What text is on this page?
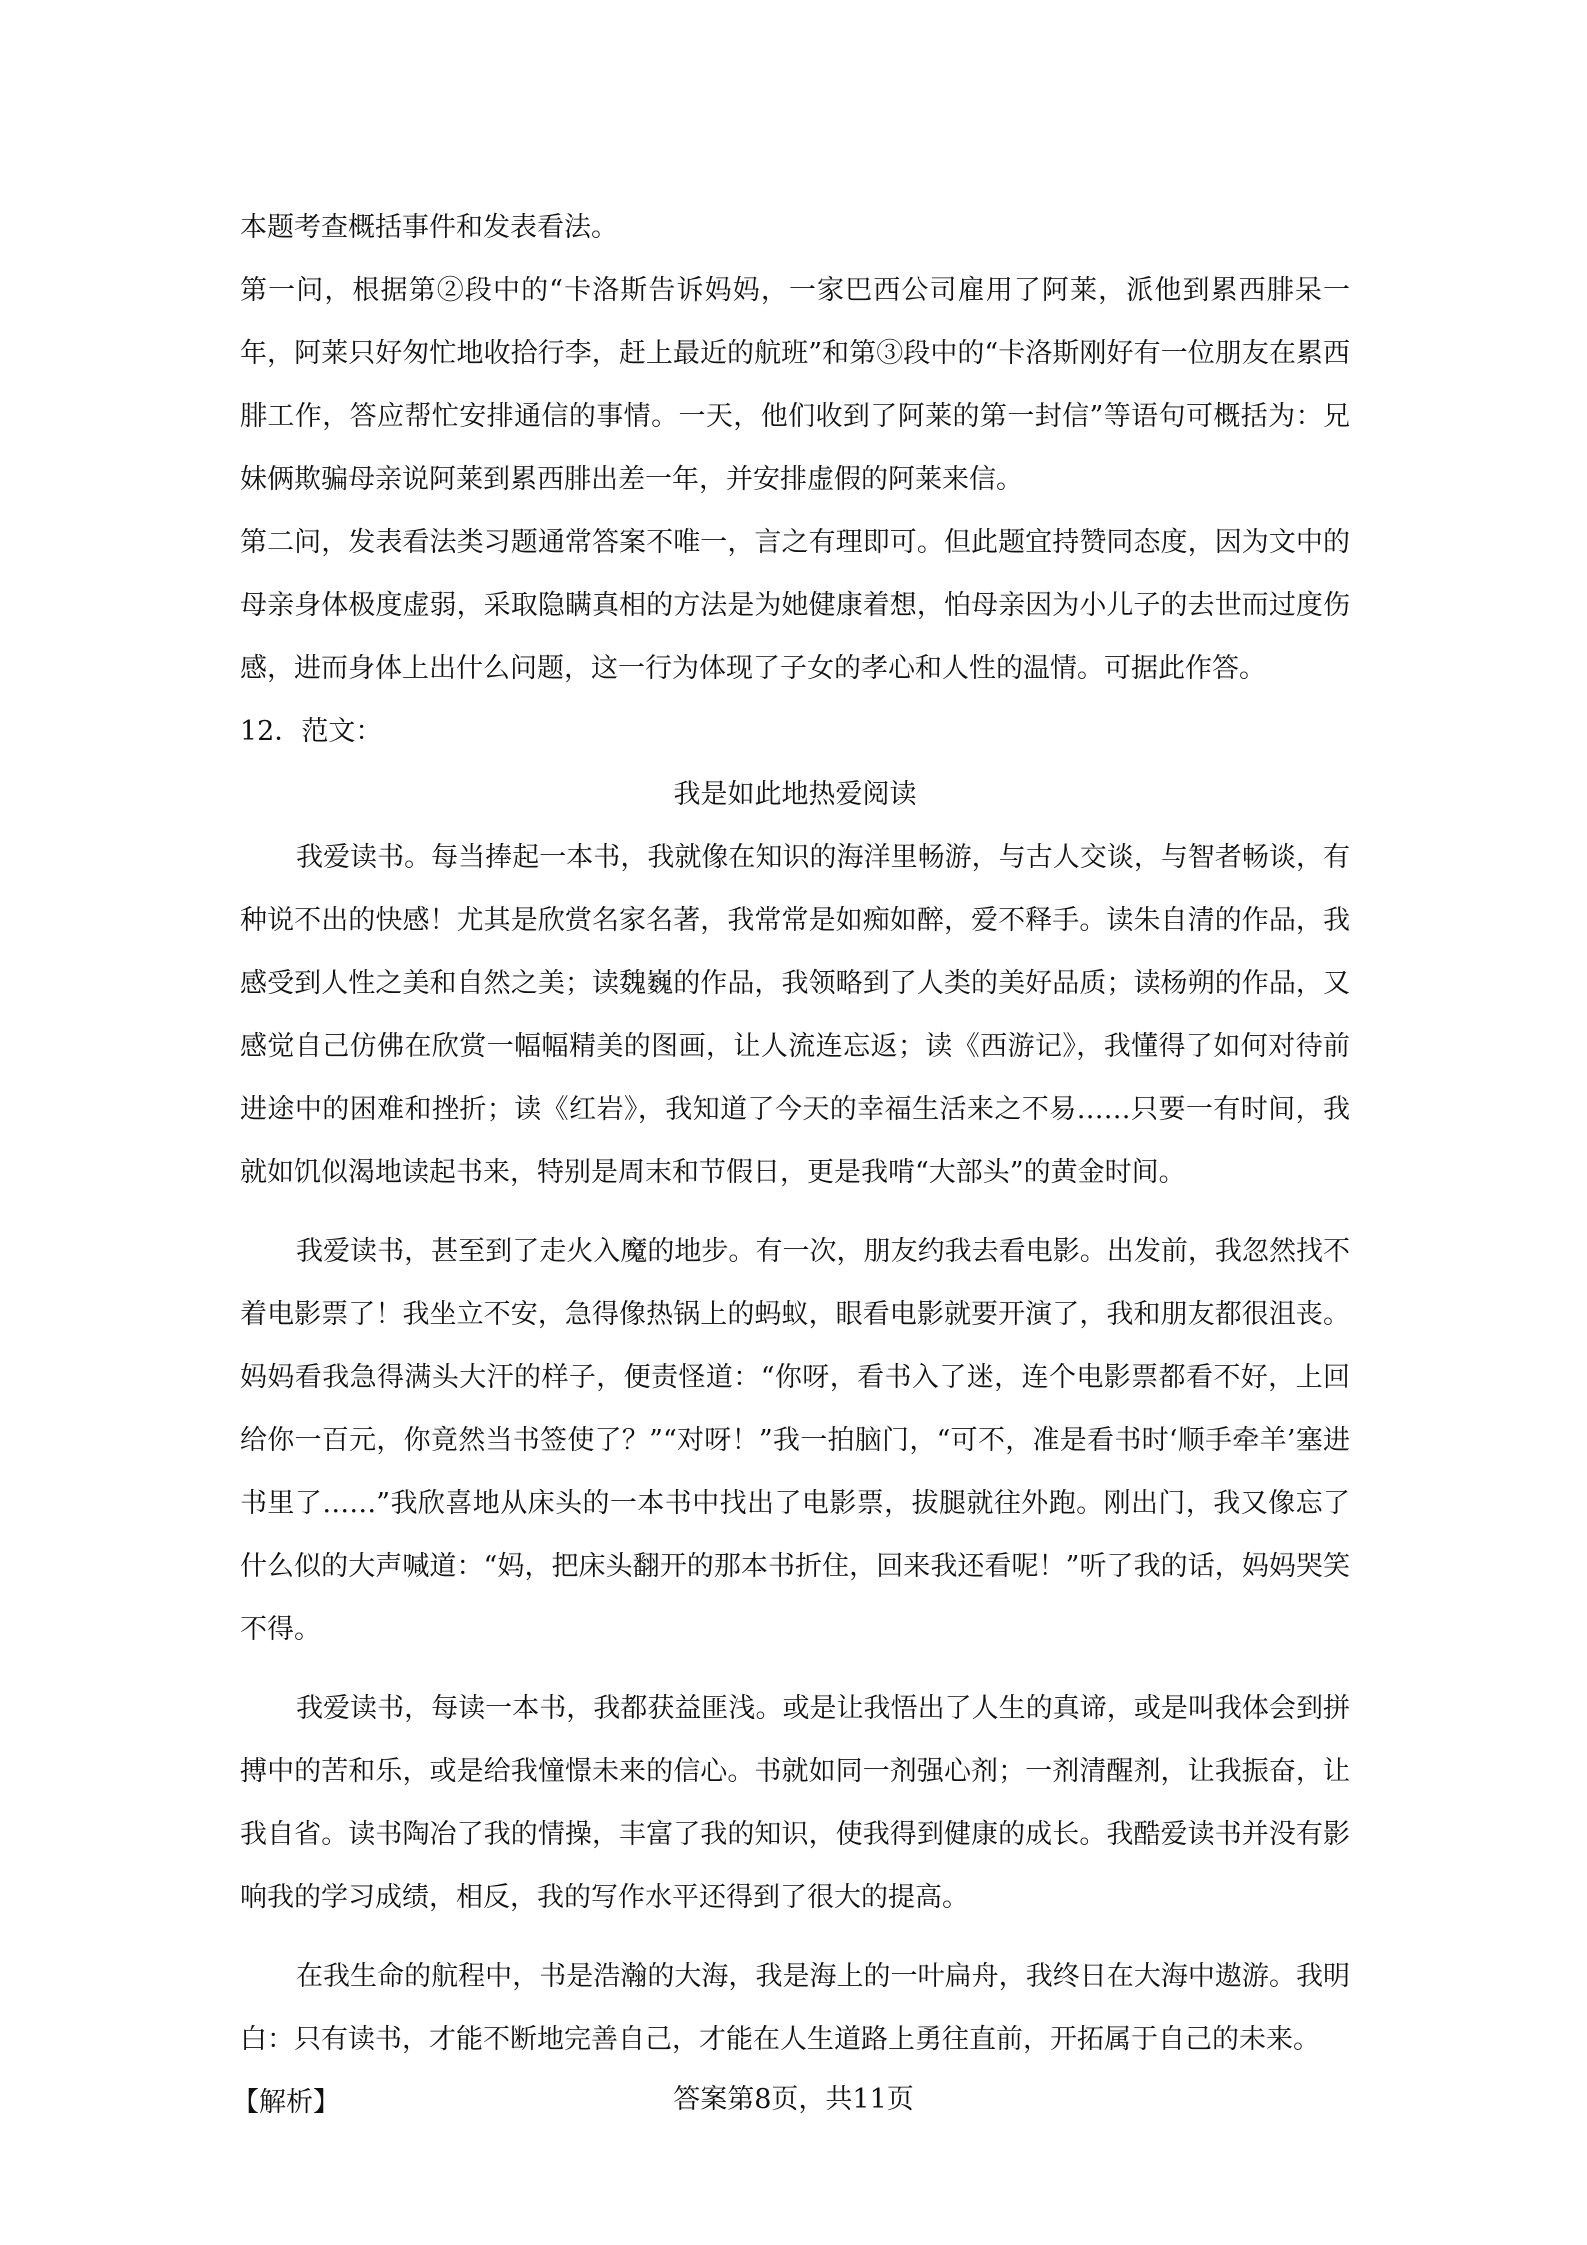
本题考查概括事件和发表看法。

第一问，根据第②段中的“卡洛斯告诉妈妈，一家巴西公司雇用了阿莱，派他到累西腓呆一年，阿莱只好匆忙地收拾行李，赶上最近的航班”和第③段中的“卡洛斯刚好有一位朋友在累西腓工作，答应帮忙安排通信的事情。一天，他们收到了阿莱的第一封信”等语句可概括为：兄妹俩欺骗母亲说阿莱到累西腓出差一年，并安排虚假的阿莱来信。

第二问，发表看法类习题通常答案不唯一，言之有理即可。但此题宜持赞同态度，因为文中的母亲身体极度虚弱，采取隐瞒真相的方法是为她健康着想，怕母亲因为小儿子的去世而过度伤感，进而身体上出什么问题，这一行为体现了子女的孝心和人性的温情。可据此作答。

12．范文：

我是如此地热爱阅读

我爱读书。每当捧起一本书，我就像在知识的海洋里畅游，与古人交谈，与智者畅谈，有种说不出的快感！尤其是欣赏名家名著，我常常是如痴如醉，爱不释手。读朱自清的作品，我感受到人性之美和自然之美；读魏巍的作品，我领略到了人类的美好品质；读杨朔的作品，又感觉自己仿佛在欣赏一幅幅精美的图画，让人流连忘返；读《西游记》，我懂得了如何对待前进途中的困难和挫折；读《红岩》，我知道了今天的幸福生活来之不易……只要一有时间，我就如饥似渴地读起书来，特别是周末和节假日，更是我啃“大部头”的黄金时间。

我爱读书，甚至到了走火入魔的地步。有一次，朋友约我去看电影。出发前，我忽然找不着电影票了！我坐立不安，急得像热锅上的蚂蚁，眼看电影就要开演了，我和朋友都很沮丧。妈妈看我急得满头大汗的样子，便责怪道：“你呀，看书入了迷，连个电影票都看不好，上回给你一百元，你竟然当书签使了？”“对呀！”我一拍脑门，“可不，准是看书时‘顺手牵羊’塞进书里了……”我欣喜地从床头的一本书中找出了电影票，拔腿就往外跑。刚出门，我又像忘了什么似的大声喊道：“妈，把床头翻开的那本书折住，回来我还看呢！”听了我的话，妈妈哭笑不得。

我爱读书，每读一本书，我都获益匪浅。或是让我悟出了人生的真谛，或是叫我体会到拼搏中的苦和乐，或是给我憧憬未来的信心。书就如同一剂强心剂；一剂清醒剂，让我振奋，让我自省。读书陶冶了我的情操，丰富了我的知识，使我得到健康的成长。我酷爱读书并没有影响我的学习成绩，相反，我的写作水平还得到了很大的提高。

在我生命的航程中，书是浩瀚的大海，我是海上的一叶扁舟，我终日在大海中遨游。我明白：只有读书，才能不断地完善自己，才能在人生道路上勇往直前，开拓属于自己的未来。

【解析】	答案第8页，共11页
